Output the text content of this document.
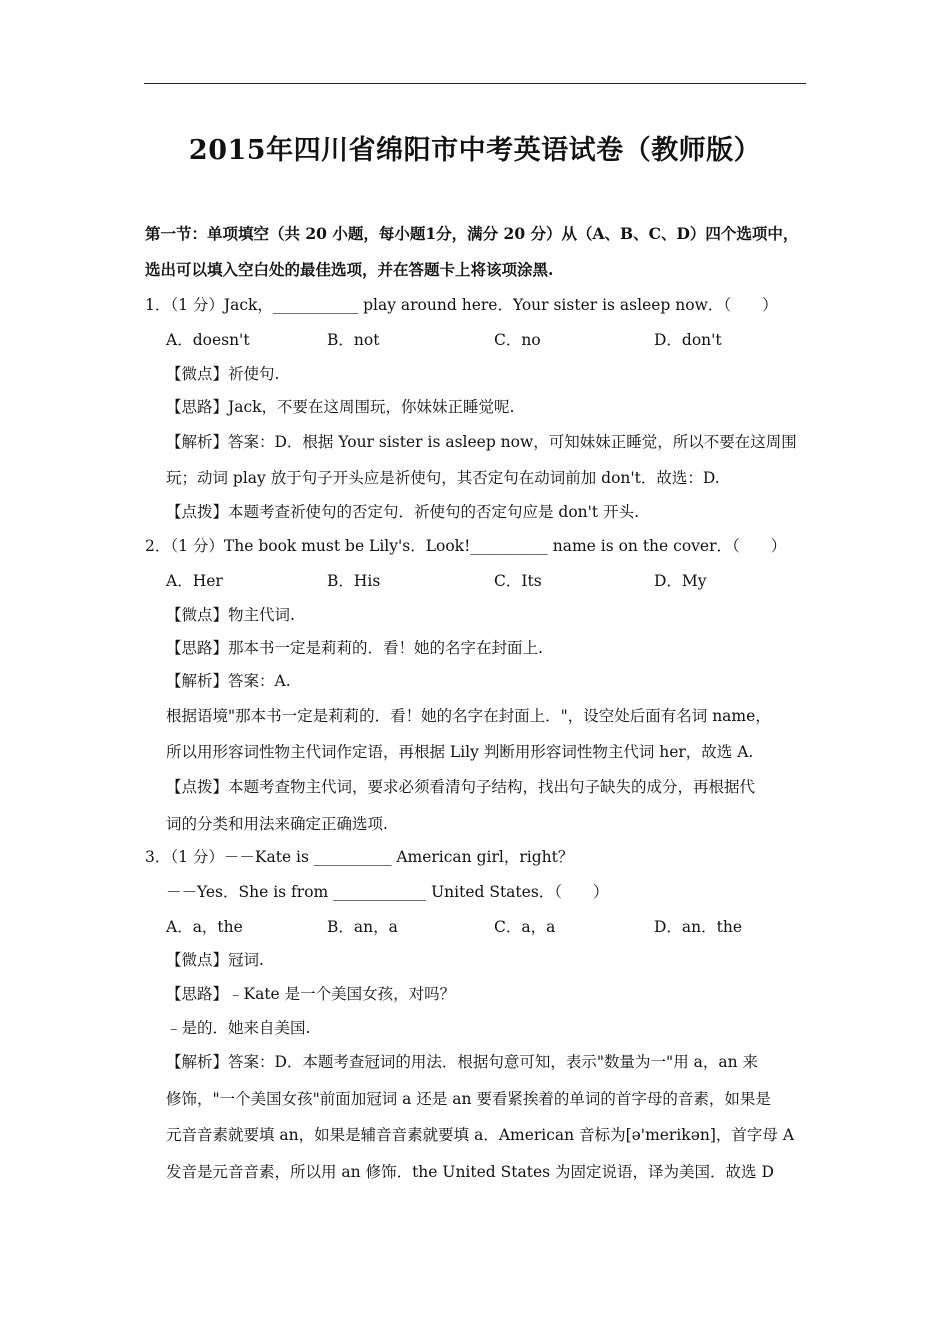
2015年四川省绵阳市中考英语试卷（教师版）
第一节：单项填空（共 20 小题，每小题1分，满分 20 分）从（A、B、C、D）四个选项中，
选出可以填入空白处的最佳选项，并在答题卡上将该项涂黑.
1．（1 分）Jack，___________ play around here．Your sister is asleep now．（　　）
A．doesn't	B．not	C．no	D．don't
【微点】祈使句.
【思路】Jack，不要在这周围玩，你妹妹正睡觉呢.
【解析】答案：D．根据 Your sister is asleep now，可知妹妹正睡觉，所以不要在这周围
玩；动词 play 放于句子开头应是祈使句，其否定句在动词前加 don't．故选：D.
【点拨】本题考查祈使句的否定句．祈使句的否定句应是 don't 开头.
2．（1 分）The book must be Lily's．Look!__________ name is on the cover．（　　）
A．Her	B．His	C．Its	D．My
【微点】物主代词.
【思路】那本书一定是莉莉的．看！她的名字在封面上.
【解析】答案：A.
根据语境"那本书一定是莉莉的．看！她的名字在封面上．"，设空处后面有名词 name，
所以用形容词性物主代词作定语，再根据 Lily 判断用形容词性物主代词 her，故选 A.
【点拨】本题考查物主代词，要求必须看清句子结构，找出句子缺失的成分，再根据代
词的分类和用法来确定正确选项.
3．（1 分）－－Kate is __________ American girl，right？
－－Yes．She is from ____________ United States．（　　）
A．a，the	B．an，a	C．a，a	D．an．the
【微点】冠词.
【思路】﹣Kate 是一个美国女孩，对吗？
﹣是的．她来自美国.
【解析】答案：D．本题考查冠词的用法．根据句意可知，表示"数量为一"用 a，an 来
修饰，"一个美国女孩"前面加冠词 a 还是 an 要看紧挨着的单词的首字母的音素，如果是
元音音素就要填 an，如果是辅音音素就要填 a．American 音标为[ə'merikən]，首字母 A
发音是元音音素，所以用 an 修饰．the United States 为固定说语，译为美国．故选 D
